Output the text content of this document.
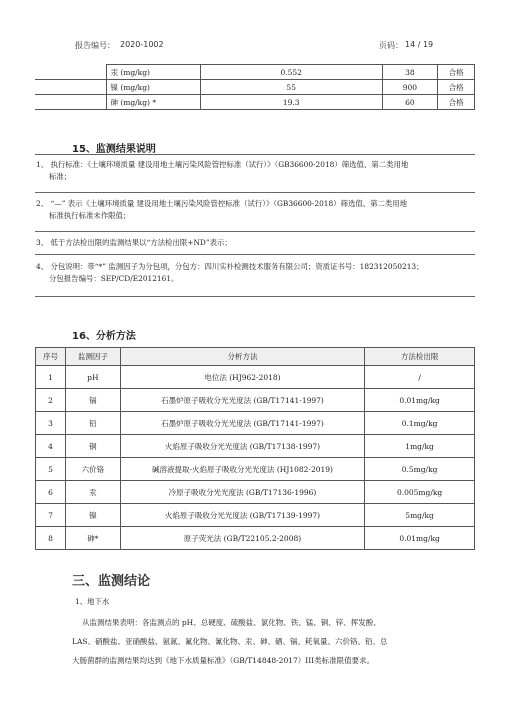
报告编号： 2020-1002	页码： 14 / 19
	汞 (mg/kg)	0.552	38	合格
	镍 (mg/kg)	55	900	合格
	砷 (mg/kg) *	19.3	60	合格
15、监测结果说明
1、 执行标准：《土壤环境质量 建设用地土壤污染风险管控标准（试行）》（GB36600-2018）筛选值、第二类用地
标准；
2、 “—” 表示《土壤环境质量 建设用地土壤污染风险管控标准（试行）》（GB36600-2018）筛选值、第二类用地
标准执行标准未作限值；
3、 低于方法检出限的监测结果以“方法检出限+ND”表示；
4、 分包说明：带“*” 监测因子为分包项，分包方：四川实朴检测技术服务有限公司；资质证书号：182312050213；
分包报告编号：SEP/CD/E2012161。
16、分析方法
序号	监测因子	分析方法	方法检出限
1	pH	电位法 (HJ962-2018)	/
2	镉	石墨炉原子吸收分光光度法 (GB/T17141-1997)	0.01mg/kg
3	铅	石墨炉原子吸收分光光度法 (GB/T17141-1997)	0.1mg/kg
4	铜	火焰原子吸收分光光度法 (GB/T17138-1997)	1mg/kg
5	六价铬	碱溶液提取-火焰原子吸收分光光度法 (HJ1082-2019)	0.5mg/kg
6	汞	冷原子吸收分光光度法 (GB/T17136-1996)	0.005mg/kg
7	镍	火焰原子吸收分光光度法 (GB/T17139-1997)	5mg/kg
8	砷*	原子荧光法 (GB/T22105.2-2008)	0.01mg/kg
三、监测结论
1、地下水
从监测结果表明：各监测点的 pH、总硬度、硫酸盐、氯化物、铁、锰、铜、锌、挥发酚、
LAS、硝酸盐、亚硝酸盐、氨氮、氟化物、氰化物、汞、砷、硒、镉、耗氧量、六价铬、铅、总
大肠菌群的监测结果均达到《地下水质量标准》（GB/T14848-2017）III类标准限值要求。
